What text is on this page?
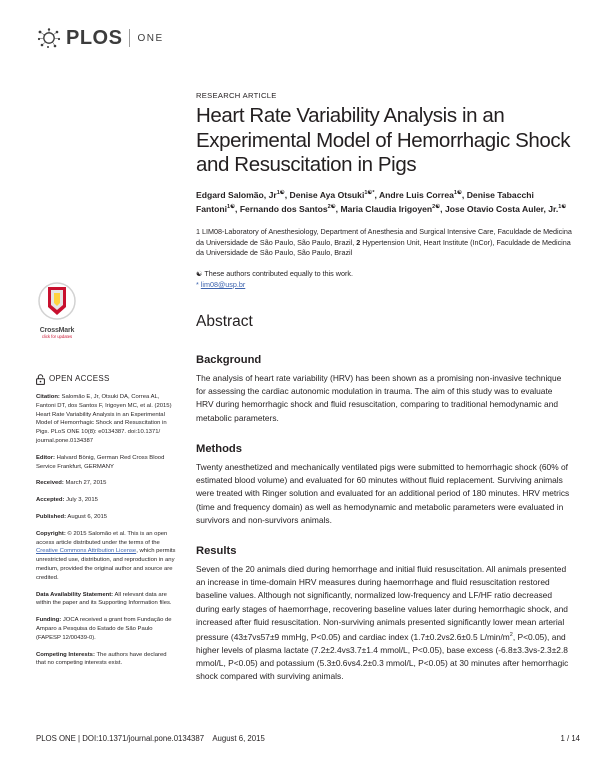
PLOS ONE
RESEARCH ARTICLE
Heart Rate Variability Analysis in an Experimental Model of Hemorrhagic Shock and Resuscitation in Pigs
Edgard Salomão, $Jr^{1☯}$, Denise Aya Otsuki$^{1☯*}$, Andre Luis Correa$^{1☯}$, Denise Tabacchi Fantoni$^{1☯}$, Fernando dos Santos$^{2☯}$, Maria Claudia Irigoyen$^{2☯}$, Jose Otavio Costa Auler, Jr.$^{1☯}$
1 LIM08-Laboratory of Anesthesiology, Department of Anesthesia and Surgical Intensive Care, Faculdade de Medicina da Universidade de São Paulo, São Paulo, Brazil, 2 Hypertension Unit, Heart Institute (InCor), Faculdade de Medicina da Universidade de São Paulo, São Paulo, Brazil
☯ These authors contributed equally to this work.
* lim08@usp.br
CrossMark
click for updates
OPEN ACCESS

Citation: Salomão E, Jr, Otsuki DA, Correa AL, Fantoni DT, dos Santos F, Irigoyen MC, et al. (2015) Heart Rate Variability Analysis in an Experimental Model of Hemorrhagic Shock and Resuscitation in Pigs. PLoS ONE 10(8): e0134387. doi:10.1371/ journal.pone.0134387

Editor: Halvard Bönig, German Red Cross Blood Service Frankfurt, GERMANY

Received: March 27, 2015

Accepted: July 3, 2015

Published: August 6, 2015

Copyright: © 2015 Salomão et al. This is an open access article distributed under the terms of the Creative Commons Attribution License, which permits unrestricted use, distribution, and reproduction in any medium, provided the original author and source are credited.

Data Availability Statement: All relevant data are within the paper and its Supporting Information files.

Funding: JOCA received a grant from Fundação de Amparo a Pesquisa do Estado de São Paulo (FAPESP 12/00439-0).

Competing Interests: The authors have declared that no competing interests exist.

Abstract
Background
The analysis of heart rate variability (HRV) has been shown as a promising non-invasive technique for assessing the cardiac autonomic modulation in trauma. The aim of this study was to evaluate HRV during hemorrhagic shock and fluid resuscitation, comparing to traditional hemodynamic and metabolic parameters.
Methods
Twenty anesthetized and mechanically ventilated pigs were submitted to hemorrhagic shock (60% of estimated blood volume) and evaluated for 60 minutes without fluid replacement. Surviving animals were treated with Ringer solution and evaluated for an additional period of 180 minutes. HRV metrics (time and frequency domain) as well as hemodynamic and metabolic parameters were evaluated in survivors and non-survivors animals.
Results
Seven of the 20 animals died during hemorrhage and initial fluid resuscitation. All animals presented an increase in time-domain HRV measures during haemorrhage and fluid resuscitation restored baseline values. Although not significantly, normalized low-frequency and LF/HF ratio decreased during early stages of haemorrhage, recovering baseline values later during hemorrhagic shock, and increased after fluid resuscitation. Non-surviving animals presented significantly lower mean arterial pressure (43±7vs57±9 mmHg, P<0.05) and cardiac index (1.7±0.2vs2.6±0.5 $L/\min/m^2$, P<0.05), and higher levels of plasma lactate (7.2±2.4vs3.7±1.4 mmol/L, P<0.05), base excess (-6.8±3.3vs-2.3±2.8 mmol/L, P<0.05) and potassium (5.3±0.6vs4.2±0.3 mmol/L, P<0.05) at 30 minutes after hemorrhagic shock compared with surviving animals.
PLOS ONE | DOI:10.1371/journal.pone.0134387 August 6, 2015	1 / 14
